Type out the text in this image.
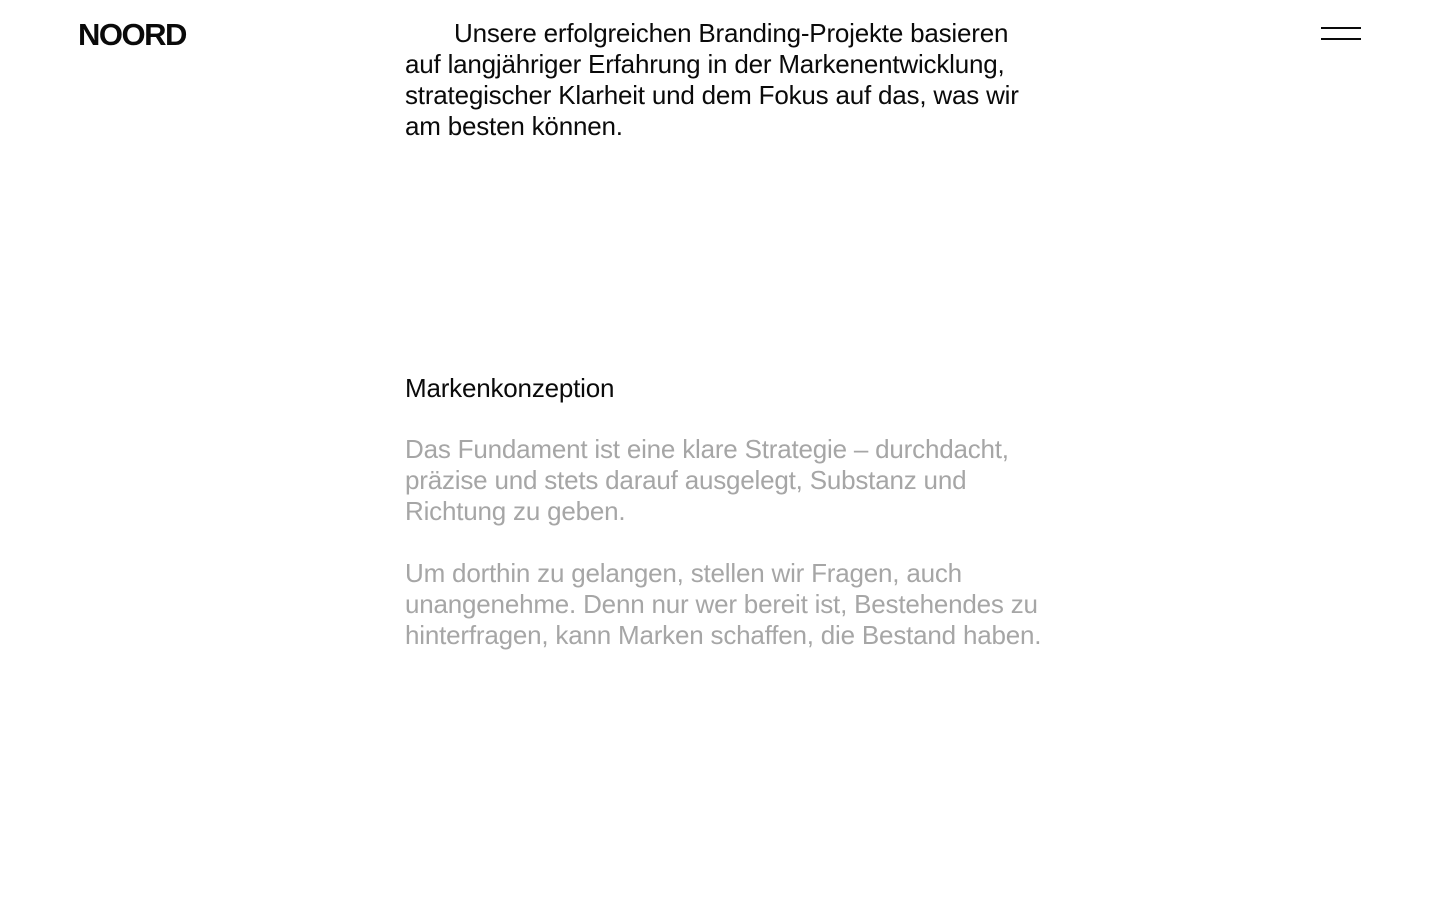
NOORD	Unsere erfolgreichen Branding-Projekte basieren auf langjähriger Erfahrung in der Markenentwicklung, strategischer Klarheit und dem Fokus auf das, was wir am besten können.

Markenkonzeption

Das Fundament ist eine klare Strategie – durchdacht, präzise und stets darauf ausgelegt, Substanz und Richtung zu geben.

Um dorthin zu gelangen, stellen wir Fragen, auch unangenehme. Denn nur wer bereit ist, Bestehendes zu hinterfragen, kann Marken schaffen, die Bestand haben.
